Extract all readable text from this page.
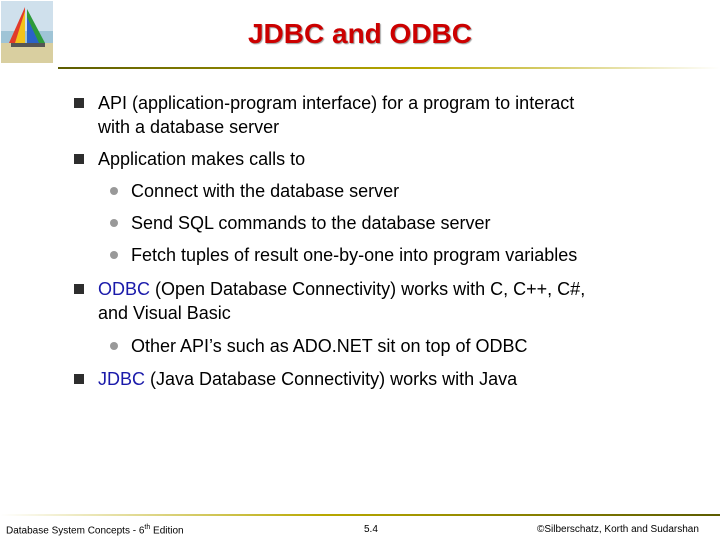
JDBC and ODBC
API (application-program interface) for a program to interact
with a database server
Application makes calls to
Connect with the database server
Send SQL commands to the database server
Fetch tuples of result one-by-one into program variables
ODBC (Open Database Connectivity) works with C, C++, C#,
and Visual Basic
Other API’s such as ADO.NET sit on top of ODBC
JDBC (Java Database Connectivity) works with Java
Database System Concepts - 6th Edition	5.4	©Silberschatz, Korth and Sudarshan
